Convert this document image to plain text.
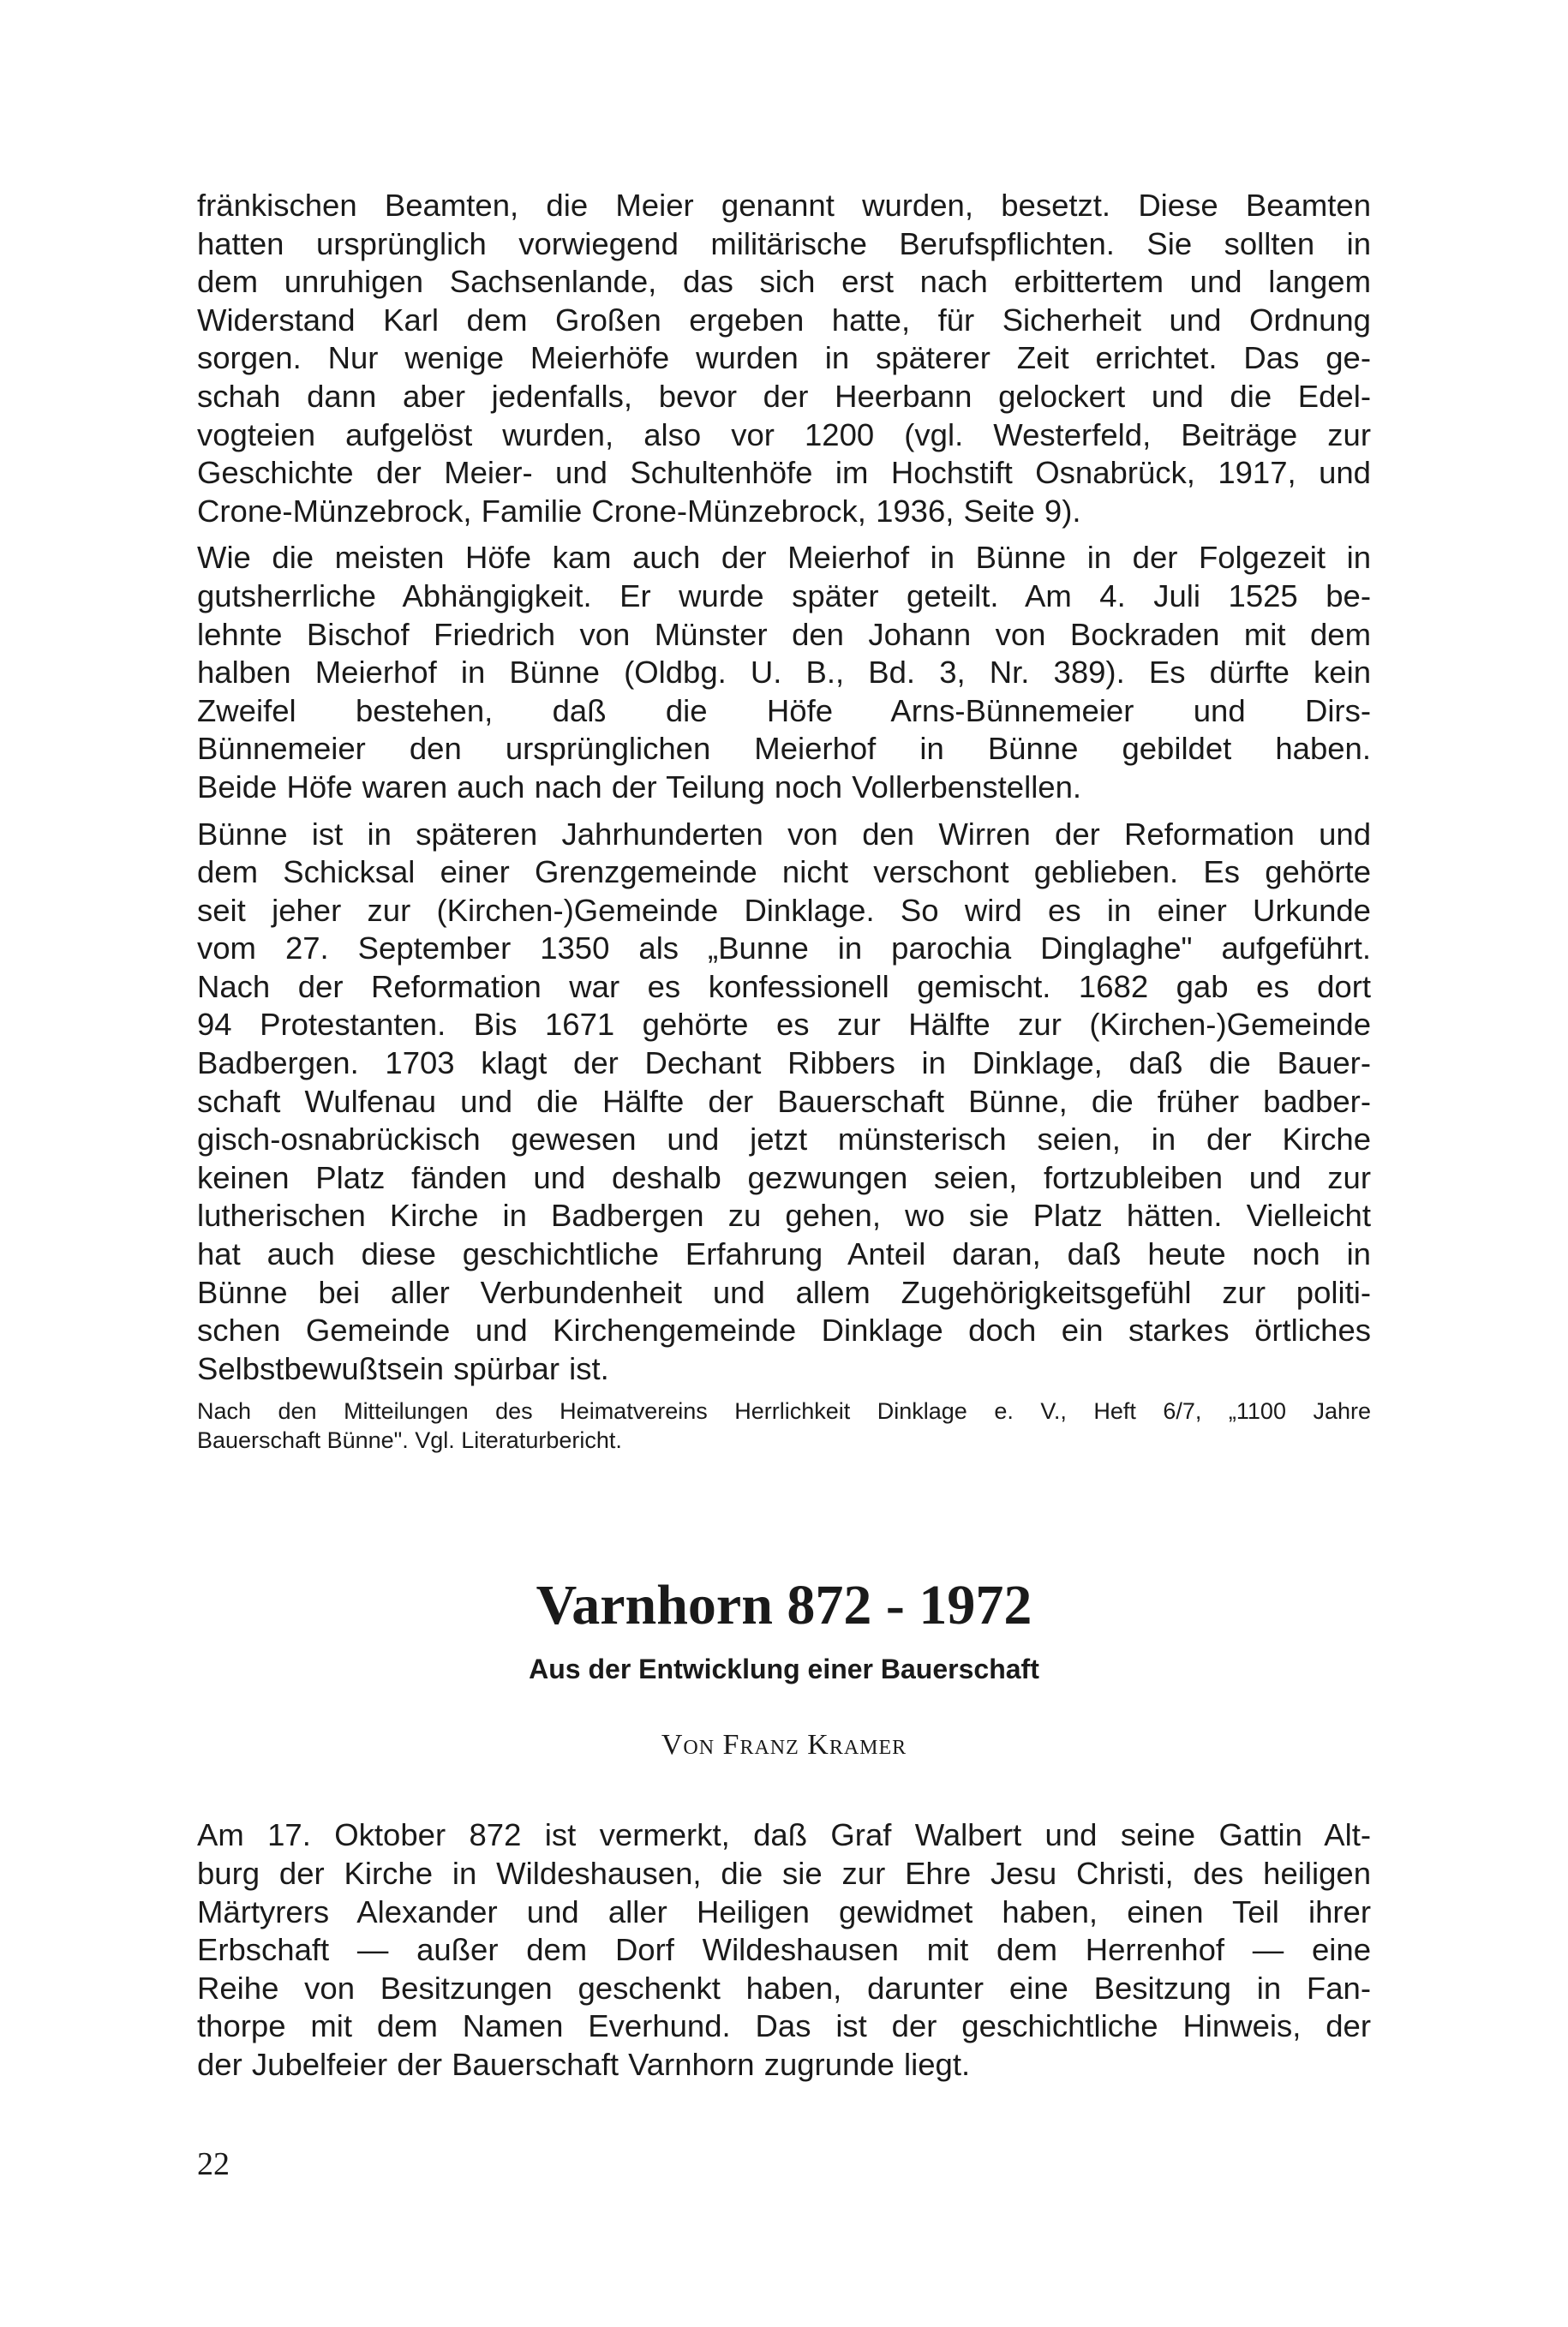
fränkischen Beamten, die Meier genannt wurden, besetzt. Diese Beamten
hatten ursprünglich vorwiegend militärische Berufspflichten. Sie sollten in
dem unruhigen Sachsenlande, das sich erst nach erbittertem und langem
Widerstand Karl dem Großen ergeben hatte, für Sicherheit und Ordnung
sorgen. Nur wenige Meierhöfe wurden in späterer Zeit errichtet. Das ge-
schah dann aber jedenfalls, bevor der Heerbann gelockert und die Edel-
vogteien aufgelöst wurden, also vor 1200 (vgl. Westerfeld, Beiträge zur
Geschichte der Meier- und Schultenhöfe im Hochstift Osnabrück, 1917, und
Crone-Münzebrock, Familie Crone-Münzebrock, 1936, Seite 9).
Wie die meisten Höfe kam auch der Meierhof in Bünne in der Folgezeit in
gutsherrliche Abhängigkeit. Er wurde später geteilt. Am 4. Juli 1525 be-
lehnte Bischof Friedrich von Münster den Johann von Bockraden mit dem
halben Meierhof in Bünne (Oldbg. U. B., Bd. 3, Nr. 389). Es dürfte kein
Zweifel bestehen, daß die Höfe Arns-Bünnemeier und Dirs-
Bünnemeier den ursprünglichen Meierhof in Bünne gebildet haben.
Beide Höfe waren auch nach der Teilung noch Vollerbenstellen.
Bünne ist in späteren Jahrhunderten von den Wirren der Reformation und
dem Schicksal einer Grenzgemeinde nicht verschont geblieben. Es gehörte
seit jeher zur (Kirchen-)Gemeinde Dinklage. So wird es in einer Urkunde
vom 27. September 1350 als „Bunne in parochia Dinglaghe" aufgeführt.
Nach der Reformation war es konfessionell gemischt. 1682 gab es dort
94 Protestanten. Bis 1671 gehörte es zur Hälfte zur (Kirchen-)Gemeinde
Badbergen. 1703 klagt der Dechant Ribbers in Dinklage, daß die Bauer-
schaft Wulfenau und die Hälfte der Bauerschaft Bünne, die früher badber-
gisch-osnabrückisch gewesen und jetzt münsterisch seien, in der Kirche
keinen Platz fänden und deshalb gezwungen seien, fortzubleiben und zur
lutherischen Kirche in Badbergen zu gehen, wo sie Platz hätten. Vielleicht
hat auch diese geschichtliche Erfahrung Anteil daran, daß heute noch in
Bünne bei aller Verbundenheit und allem Zugehörigkeitsgefühl zur politi-
schen Gemeinde und Kirchengemeinde Dinklage doch ein starkes örtliches
Selbstbewußtsein spürbar ist.
Nach den Mitteilungen des Heimatvereins Herrlichkeit Dinklage e. V., Heft 6/7, „1100 Jahre
Bauerschaft Bünne". Vgl. Literaturbericht.
Varnhorn 872 - 1972
Aus der Entwicklung einer Bauerschaft
Von Franz Kramer
Am 17. Oktober 872 ist vermerkt, daß Graf Walbert und seine Gattin Alt-
burg der Kirche in Wildeshausen, die sie zur Ehre Jesu Christi, des heiligen
Märtyrers Alexander und aller Heiligen gewidmet haben, einen Teil ihrer
Erbschaft — außer dem Dorf Wildeshausen mit dem Herrenhof — eine
Reihe von Besitzungen geschenkt haben, darunter eine Besitzung in Fan-
thorpe mit dem Namen Everhund. Das ist der geschichtliche Hinweis, der
der Jubelfeier der Bauerschaft Varnhorn zugrunde liegt.
22
